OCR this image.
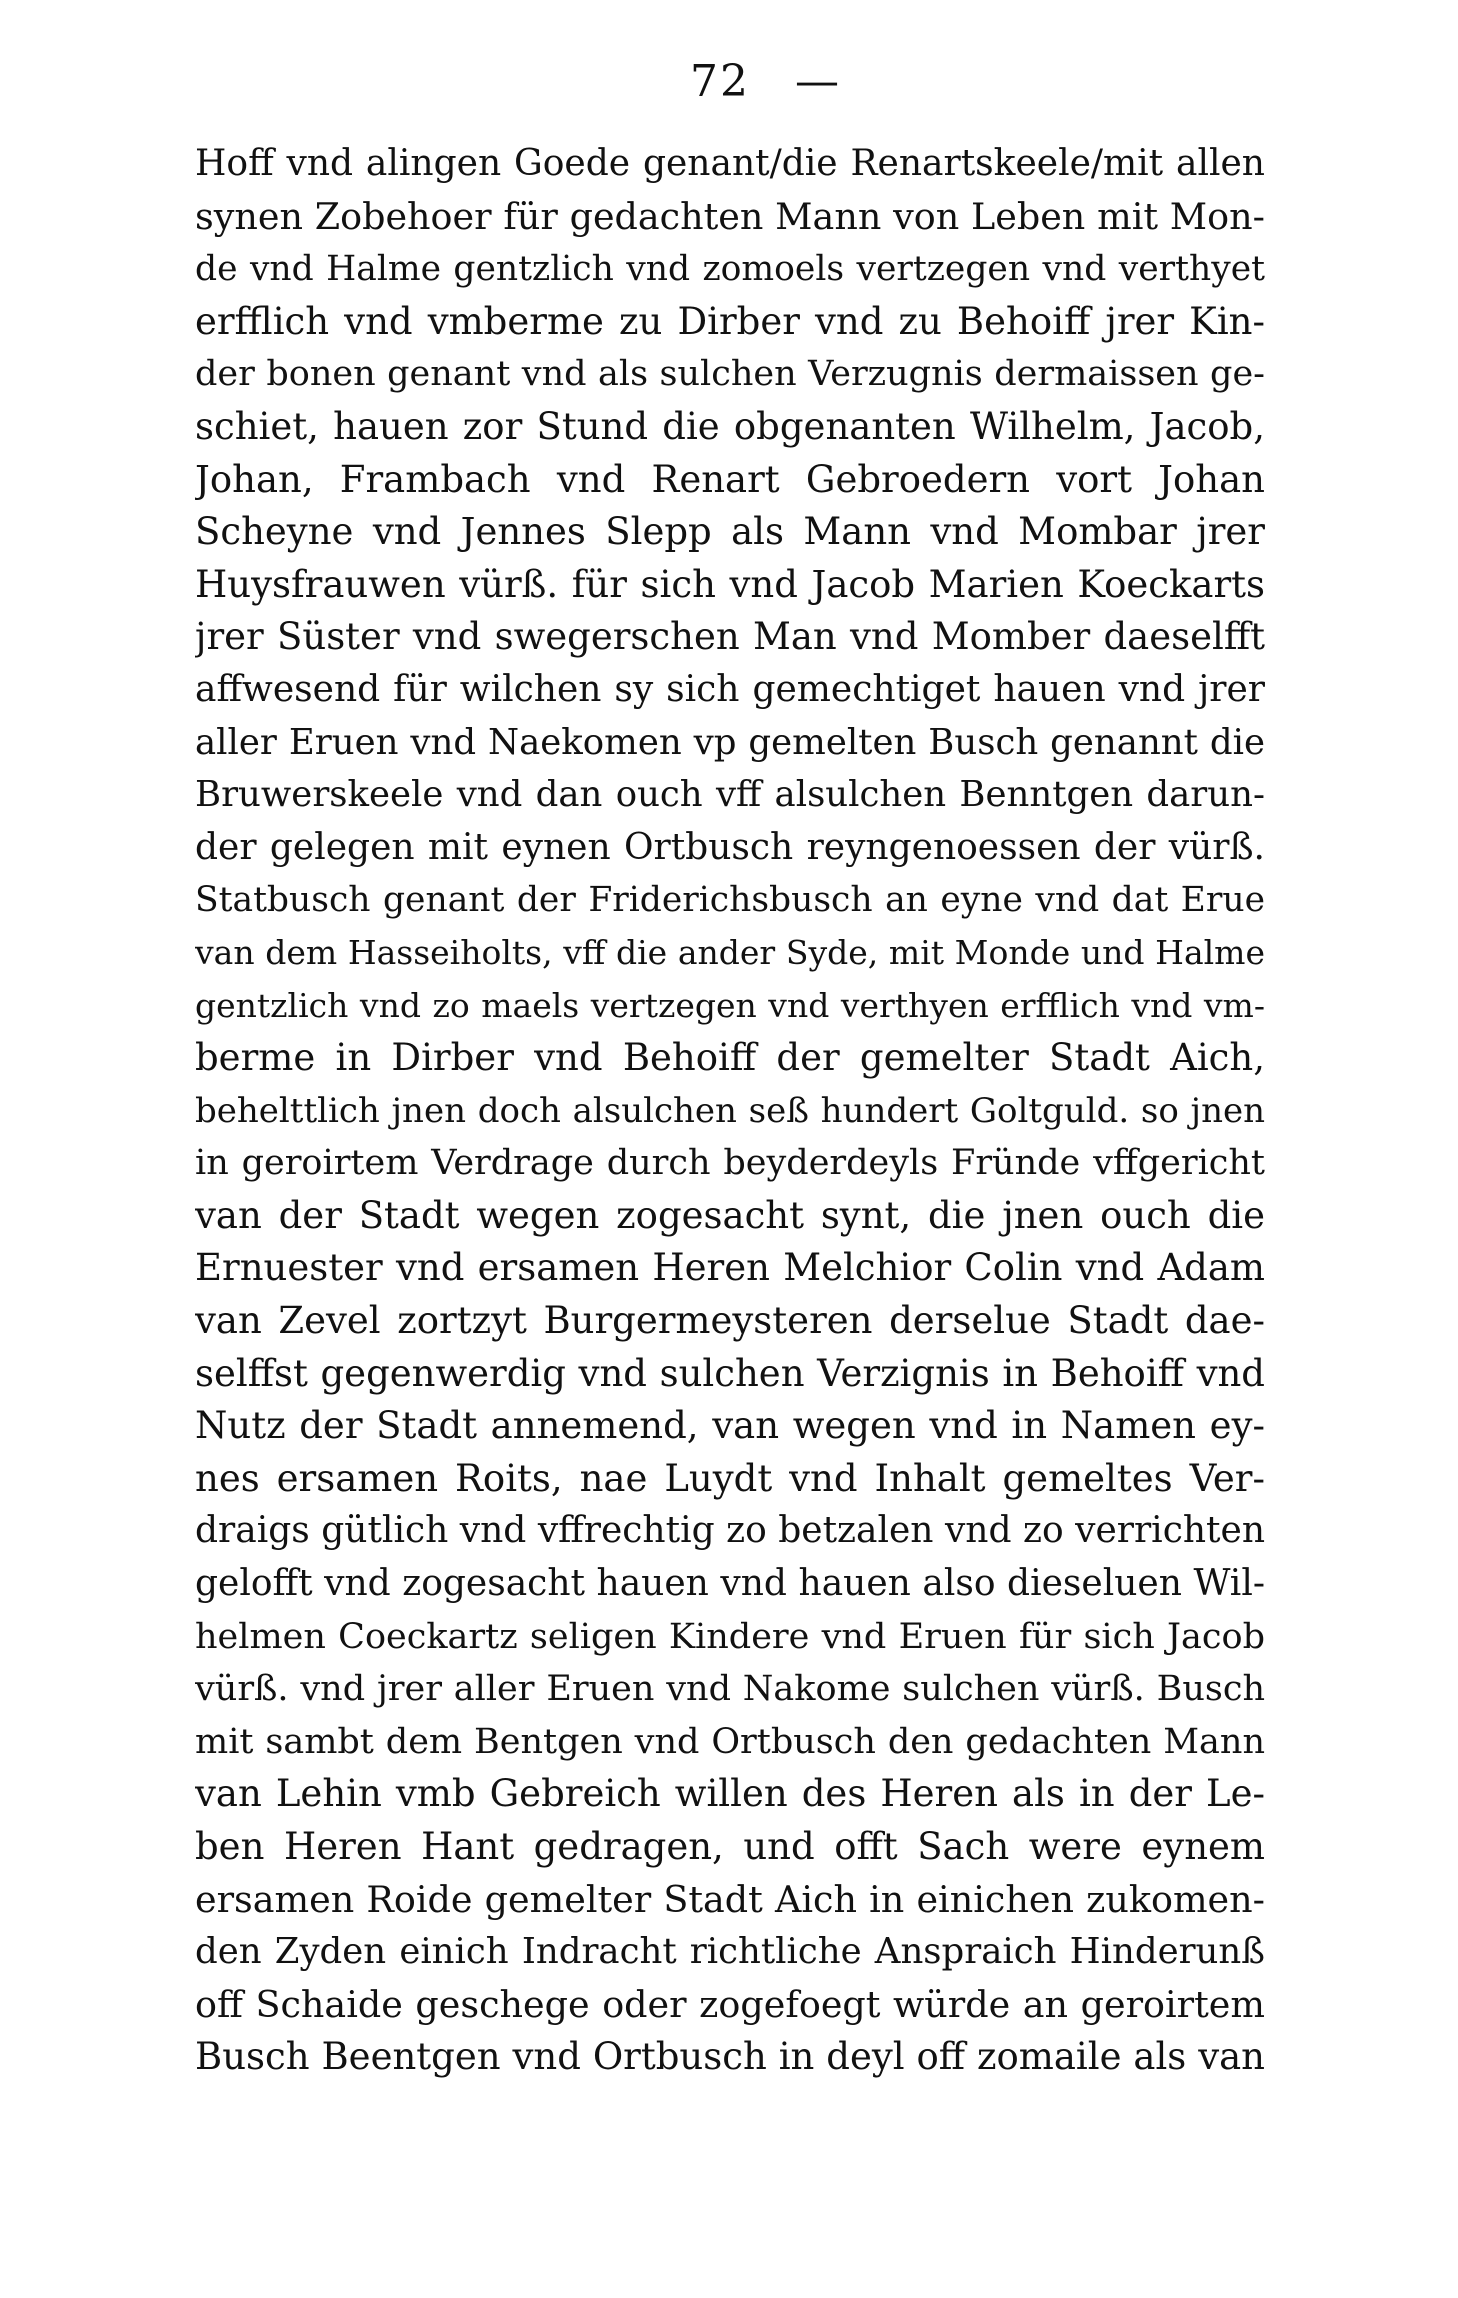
72 —
Hoff vnd alingen Goede genant/die Renartskeele/mit allen
synen Zobehoer für gedachten Mann von Leben mit Mon-
de vnd Halme gentzlich vnd zomoels vertzegen vnd verthyet
erfflich vnd vmberme zu Dirber vnd zu Behoiff jrer Kin-
der bonen genant vnd als sulchen Verzugnis dermaissen ge-
schiet, hauen zor Stund die obgenanten Wilhelm, Jacob,
Johan, Frambach vnd Renart Gebroedern vort Johan
Scheyne vnd Jennes Slepp als Mann vnd Mombar jrer
Huysfrauwen vürß. für sich vnd Jacob Marien Koeckarts
jrer Süster vnd swegerschen Man vnd Momber daeselfft
affwesend für wilchen sy sich gemechtiget hauen vnd jrer
aller Eruen vnd Naekomen vp gemelten Busch genannt die
Bruwerskeele vnd dan ouch vff alsulchen Benntgen darun-
der gelegen mit eynen Ortbusch reyngenoessen der vürß.
Statbusch genant der Friderichsbusch an eyne vnd dat Erue
van dem Hasseiholts, vff die ander Syde, mit Monde und Halme
gentzlich vnd zo maels vertzegen vnd verthyen erfflich vnd vm-
berme in Dirber vnd Behoiff der gemelter Stadt Aich,
behelttlich jnen doch alsulchen seß hundert Goltguld. so jnen
in geroirtem Verdrage durch beyderdeyls Fründe vffgericht
van der Stadt wegen zogesacht synt, die jnen ouch die
Ernuester vnd ersamen Heren Melchior Colin vnd Adam
van Zevel zortzyt Burgermeysteren derselue Stadt dae-
selffst gegenwerdig vnd sulchen Verzignis in Behoiff vnd
Nutz der Stadt annemend, van wegen vnd in Namen ey-
nes ersamen Roits, nae Luydt vnd Inhalt gemeltes Ver-
draigs gütlich vnd vffrechtig zo betzalen vnd zo verrichten
gelofft vnd zogesacht hauen vnd hauen also dieseluen Wil-
helmen Coeckartz seligen Kindere vnd Eruen für sich Jacob
vürß. vnd jrer aller Eruen vnd Nakome sulchen vürß. Busch
mit sambt dem Bentgen vnd Ortbusch den gedachten Mann
van Lehin vmb Gebreich willen des Heren als in der Le-
ben Heren Hant gedragen, und offt Sach were eynem
ersamen Roide gemelter Stadt Aich in einichen zukomen-
den Zyden einich Indracht richtliche Anspraich Hinderunß
off Schaide geschege oder zogefoegt würde an geroirtem
Busch Beentgen vnd Ortbusch in deyl off zomaile als van
